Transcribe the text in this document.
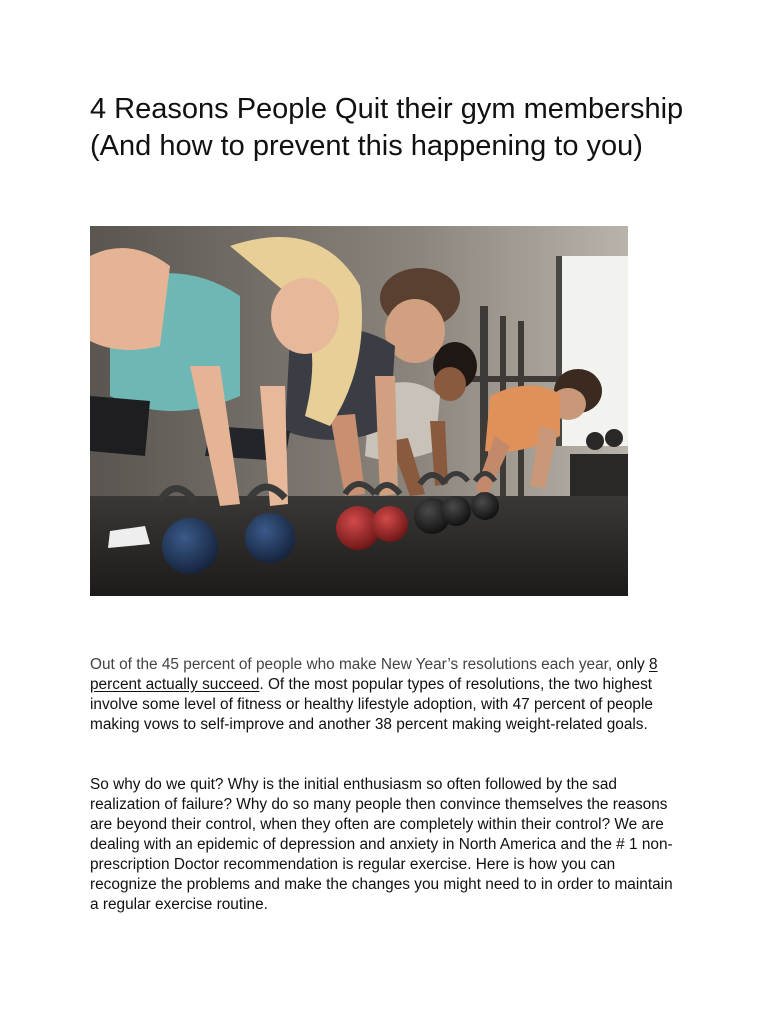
4 Reasons People Quit their gym membership (And how to prevent this happening to you)

Out of the 45 percent of people who make New Year’s resolutions each year, only 8 percent actually succeed. Of the most popular types of resolutions, the two highest involve some level of fitness or healthy lifestyle adoption, with 47 percent of people making vows to self-improve and another 38 percent making weight-related goals.

So why do we quit? Why is the initial enthusiasm so often followed by the sad realization of failure? Why do so many people then convince themselves the reasons are beyond their control, when they often are completely within their control? We are dealing with an epidemic of depression and anxiety in North America and the # 1 non-prescription Doctor recommendation is regular exercise. Here is how you can recognize the problems and make the changes you might need to in order to maintain a regular exercise routine.
